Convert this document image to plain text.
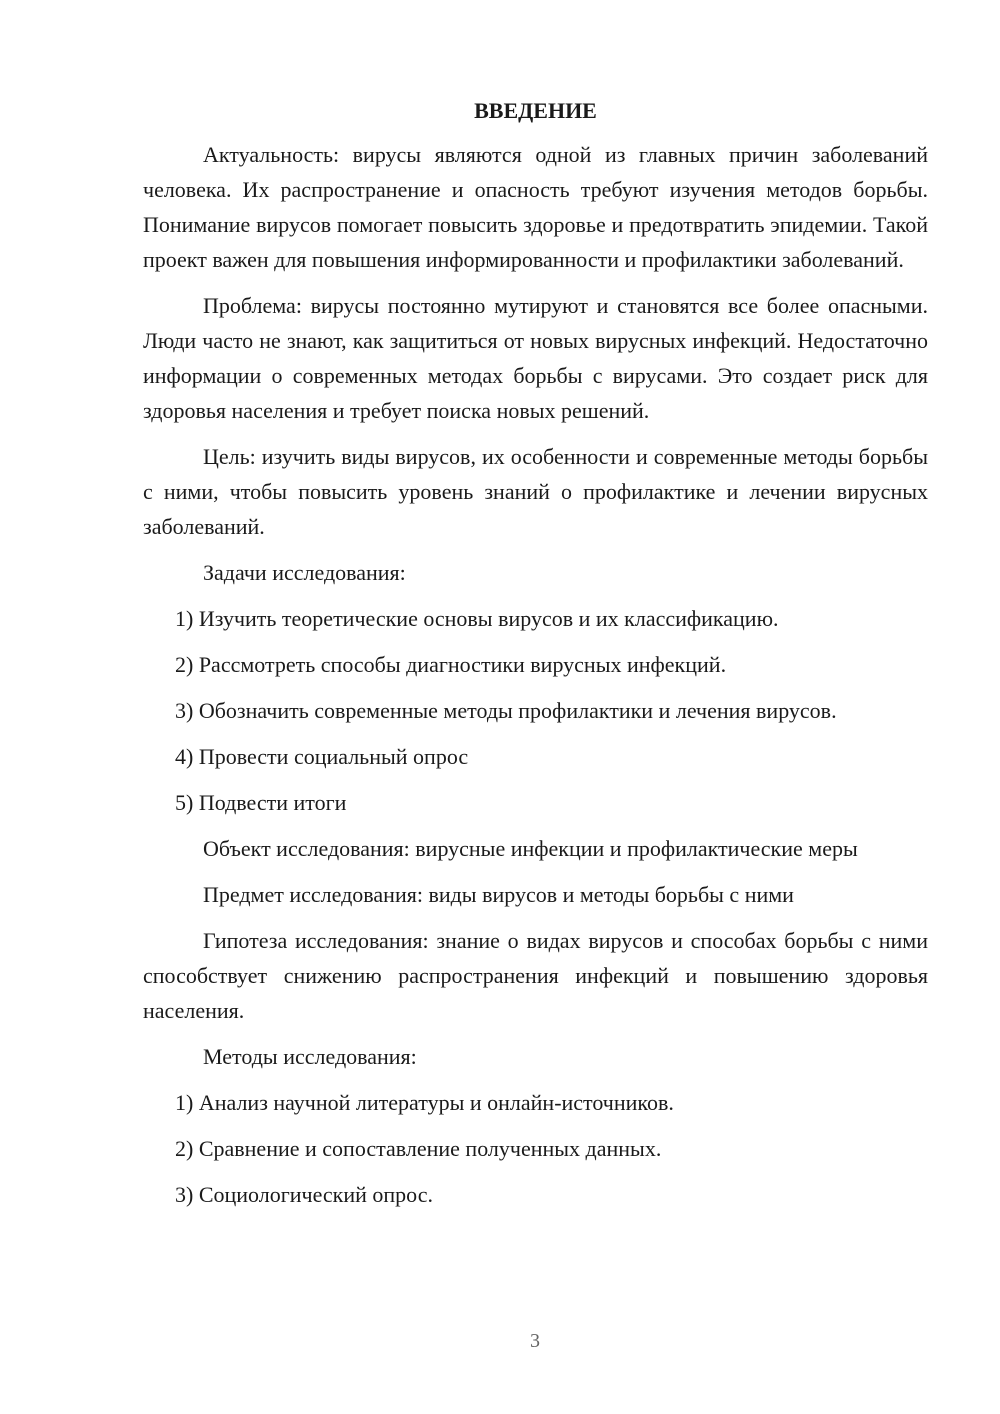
ВВЕДЕНИЕ

Актуальность: вирусы являются одной из главных причин заболеваний человека. Их распространение и опасность требуют изучения методов борьбы. Понимание вирусов помогает повысить здоровье и предотвратить эпидемии. Такой проект важен для повышения информированности и профилактики заболеваний.

Проблема: вирусы постоянно мутируют и становятся все более опасными. Люди часто не знают, как защититься от новых вирусных инфекций. Недостаточно информации о современных методах борьбы с вирусами. Это создает риск для здоровья населения и требует поиска новых решений.

Цель: изучить виды вирусов, их особенности и современные методы борьбы с ними, чтобы повысить уровень знаний о профилактике и лечении вирусных заболеваний.

Задачи исследования:

1) Изучить теоретические основы вирусов и их классификацию.
2) Рассмотреть способы диагностики вирусных инфекций.
3) Обозначить современные методы профилактики и лечения вирусов.
4) Провести социальный опрос
5) Подвести итоги

Объект исследования: вирусные инфекции и профилактические меры

Предмет исследования: виды вирусов и методы борьбы с ними

Гипотеза исследования: знание о видах вирусов и способах борьбы с ними способствует снижению распространения инфекций и повышению здоровья населения.

Методы исследования:

1) Анализ научной литературы и онлайн-источников.
2) Сравнение и сопоставление полученных данных.
3) Социологический опрос.
3
